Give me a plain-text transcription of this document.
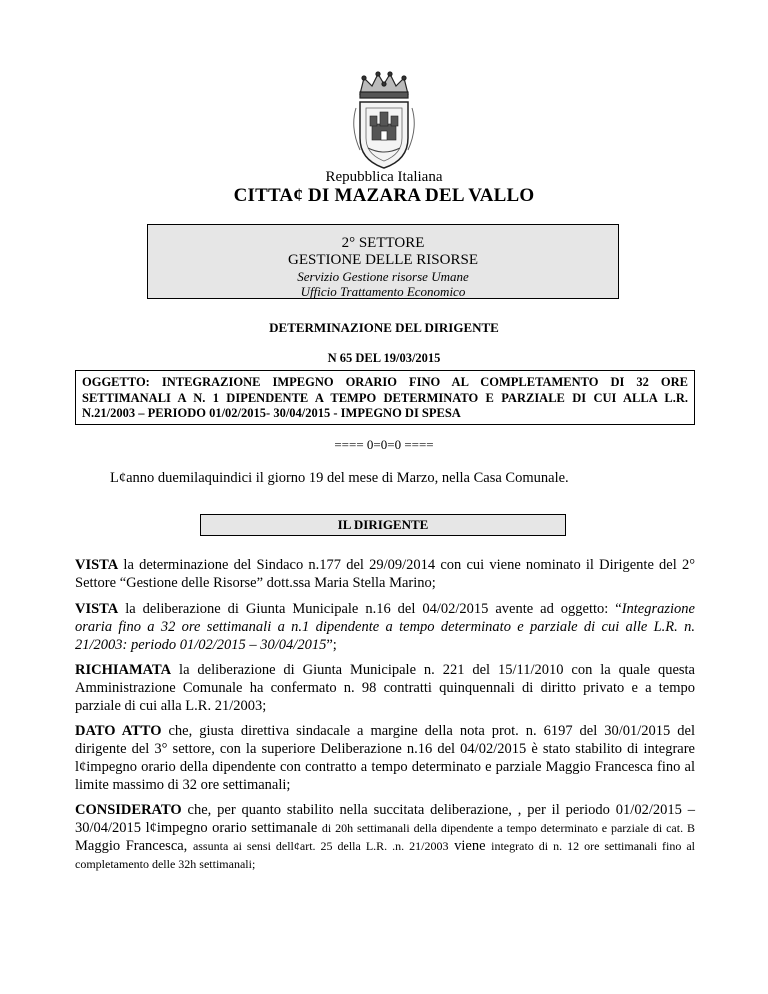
Repubblica Italiana
CITTA¢ DI MAZARA DEL VALLO
2° SETTORE
GESTIONE DELLE RISORSE
Servizio Gestione risorse Umane
Ufficio Trattamento Economico
DETERMINAZIONE DEL DIRIGENTE
N 65 DEL 19/03/2015
OGGETTO: INTEGRAZIONE IMPEGNO ORARIO FINO AL COMPLETAMENTO DI 32 ORE SETTIMANALI A N. 1 DIPENDENTE A TEMPO DETERMINATO E PARZIALE DI CUI ALLA L.R. N.21/2003 – PERIODO 01/02/2015- 30/04/2015 - IMPEGNO DI SPESA
==== 0=0=0 ====
L¢anno duemilaquindici il giorno 19 del mese di Marzo, nella Casa Comunale.
IL DIRIGENTE
VISTA la determinazione del Sindaco n.177 del 29/09/2014 con cui viene nominato il Dirigente del 2° Settore “Gestione delle Risorse” dott.ssa Maria Stella Marino;
VISTA la deliberazione di Giunta Municipale n.16 del 04/02/2015 avente ad oggetto: “Integrazione oraria fino a 32 ore settimanali a n.1 dipendente a tempo determinato e parziale di cui alle L.R. n. 21/2003: periodo 01/02/2015 – 30/04/2015”;
RICHIAMATA la deliberazione di Giunta Municipale n. 221 del 15/11/2010 con la quale questa Amministrazione Comunale ha confermato n. 98 contratti quinquennali di diritto privato e a tempo parziale di cui alla L.R. 21/2003;
DATO ATTO che, giusta direttiva sindacale a margine della nota prot. n. 6197 del 30/01/2015 del dirigente del 3° settore, con la superiore Deliberazione n.16 del 04/02/2015 è stato stabilito di integrare l¢impegno orario della dipendente con contratto a tempo determinato e parziale Maggio Francesca fino al limite massimo di 32 ore settimanali;
CONSIDERATO che, per quanto stabilito nella succitata deliberazione, , per il periodo 01/02/2015 – 30/04/2015 l¢impegno orario settimanale di 20h settimanali della dipendente a tempo determinato e parziale di cat. B Maggio Francesca, assunta ai sensi dell¢art. 25 della L.R. .n. 21/2003 viene integrato di n. 12 ore settimanali fino al completamento delle 32h settimanali;
